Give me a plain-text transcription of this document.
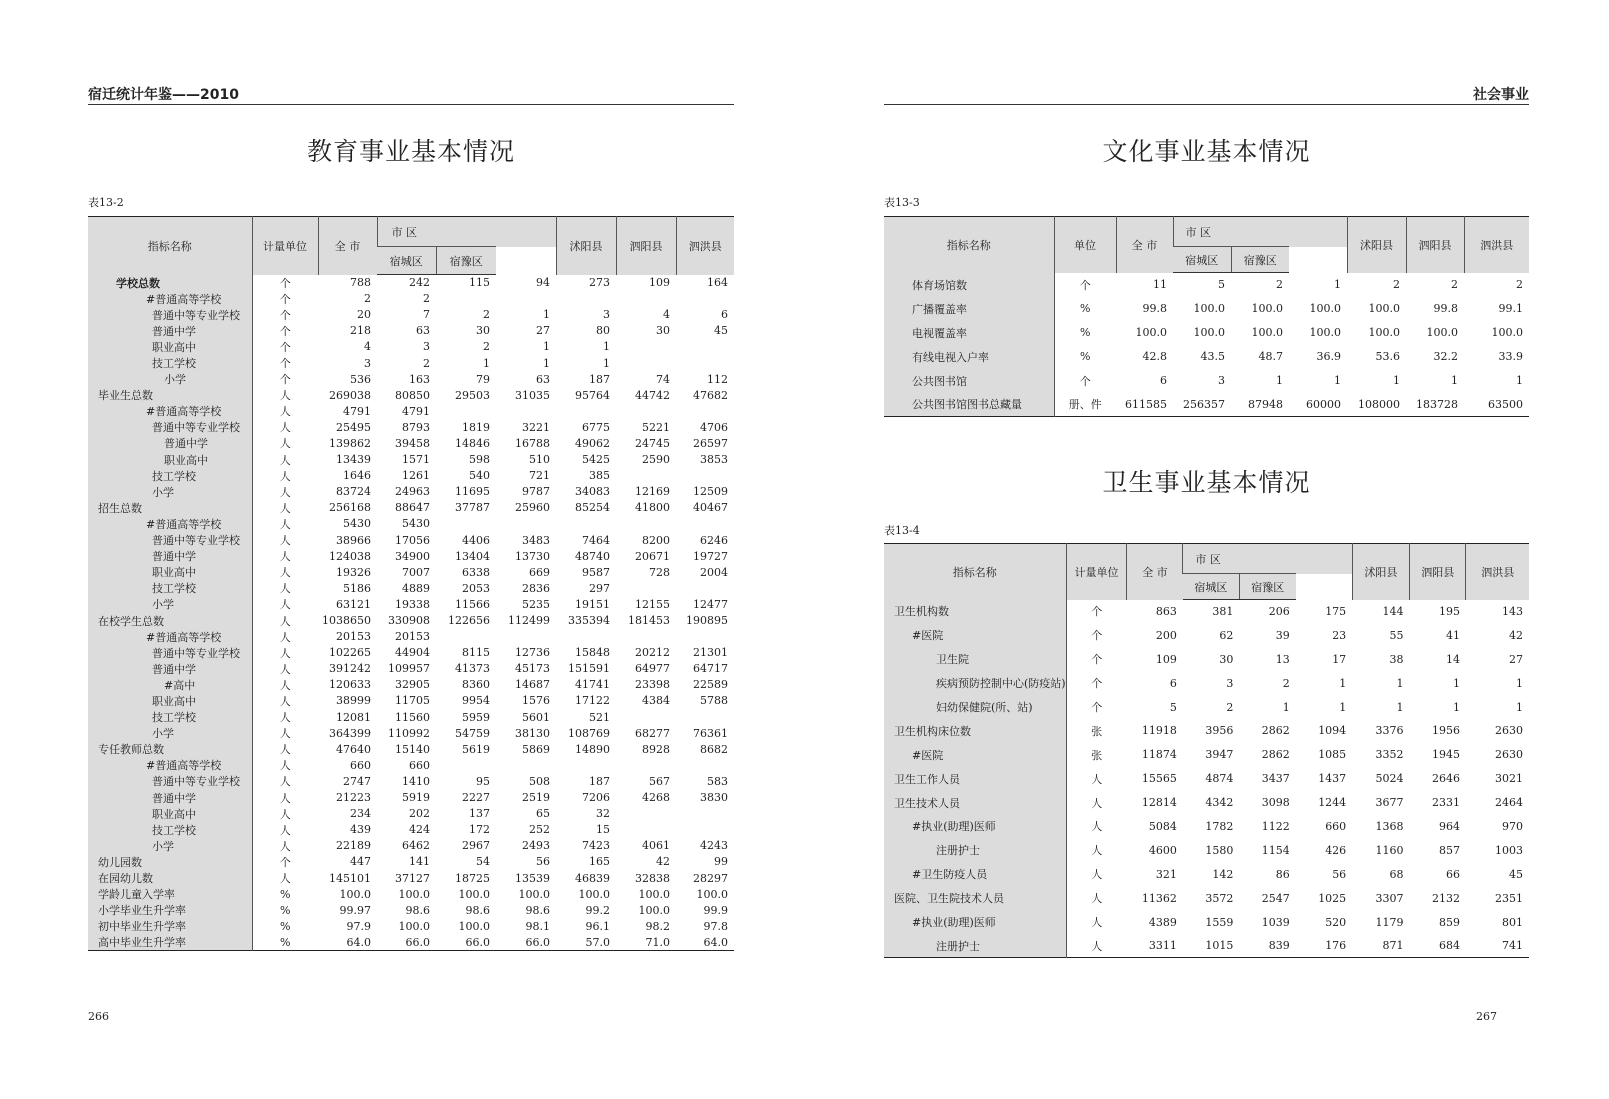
宿迁统计年鉴——2010
教育事业基本情况
表13-2
指标名称	计量单位	全 市	市 区			沭阳县	泗阳县	泗洪县
			宿城区	宿豫区				
学校总数	个	788	242	115	94	273	109	164
#普通高等学校	个	2	2					
普通中等专业学校	个	20	7	2	1	3	4	6
普通中学	个	218	63	30	27	80	30	45
职业高中	个	4	3	2	1	1		
技工学校	个	3	2	1	1	1		
小学	个	536	163	79	63	187	74	112
毕业生总数	人	269038	80850	29503	31035	95764	44742	47682
#普通高等学校	人	4791	4791					
普通中等专业学校	人	25495	8793	1819	3221	6775	5221	4706
普通中学	人	139862	39458	14846	16788	49062	24745	26597
职业高中	人	13439	1571	598	510	5425	2590	3853
技工学校	人	1646	1261	540	721	385		
小学	人	83724	24963	11695	9787	34083	12169	12509
招生总数	人	256168	88647	37787	25960	85254	41800	40467
#普通高等学校	人	5430	5430					
普通中等专业学校	人	38966	17056	4406	3483	7464	8200	6246
普通中学	人	124038	34900	13404	13730	48740	20671	19727
职业高中	人	19326	7007	6338	669	9587	728	2004
技工学校	人	5186	4889	2053	2836	297		
小学	人	63121	19338	11566	5235	19151	12155	12477
在校学生总数	人	1038650	330908	122656	112499	335394	181453	190895
#普通高等学校	人	20153	20153					
普通中等专业学校	人	102265	44904	8115	12736	15848	20212	21301
普通中学	人	391242	109957	41373	45173	151591	64977	64717
#高中	人	120633	32905	8360	14687	41741	23398	22589
职业高中	人	38999	11705	9954	1576	17122	4384	5788
技工学校	人	12081	11560	5959	5601	521		
小学	人	364399	110992	54759	38130	108769	68277	76361
专任教师总数	人	47640	15140	5619	5869	14890	8928	8682
#普通高等学校	人	660	660					
普通中等专业学校	人	2747	1410	95	508	187	567	583
普通中学	人	21223	5919	2227	2519	7206	4268	3830
职业高中	人	234	202	137	65	32		
技工学校	人	439	424	172	252	15		
小学	人	22189	6462	2967	2493	7423	4061	4243
幼儿园数	个	447	141	54	56	165	42	99
在园幼儿数	人	145101	37127	18725	13539	46839	32838	28297
学龄儿童入学率	%	100.0	100.0	100.0	100.0	100.0	100.0	100.0
小学毕业生升学率	%	99.97	98.6	98.6	98.6	99.2	100.0	99.9
初中毕业生升学率	%	97.9	100.0	100.0	98.1	96.1	98.2	97.8
高中毕业生升学率	%	64.0	66.0	66.0	66.0	57.0	71.0	64.0
266
社会事业
文化事业基本情况
表13-3
指标名称	单位	全 市	市 区			沭阳县	泗阳县	泗洪县
			宿城区	宿豫区				
体育场馆数	个	11	5	2	1	2	2	2
广播覆盖率	%	99.8	100.0	100.0	100.0	100.0	99.8	99.1
电视覆盖率	%	100.0	100.0	100.0	100.0	100.0	100.0	100.0
有线电视入户率	%	42.8	43.5	48.7	36.9	53.6	32.2	33.9
公共图书馆	个	6	3	1	1	1	1	1
公共图书馆图书总藏量	册、件	611585	256357	87948	60000	108000	183728	63500
卫生事业基本情况
表13-4
指标名称	计量单位	全 市	市 区			沭阳县	泗阳县	泗洪县
			宿城区	宿豫区				
卫生机构数	个	863	381	206	175	144	195	143
#医院	个	200	62	39	23	55	41	42
卫生院	个	109	30	13	17	38	14	27
疾病预防控制中心(防疫站)	个	6	3	2	1	1	1	1
妇幼保健院(所、站)	个	5	2	1	1	1	1	1
卫生机构床位数	张	11918	3956	2862	1094	3376	1956	2630
#医院	张	11874	3947	2862	1085	3352	1945	2630
卫生工作人员	人	15565	4874	3437	1437	5024	2646	3021
卫生技术人员	人	12814	4342	3098	1244	3677	2331	2464
#执业(助理)医师	人	5084	1782	1122	660	1368	964	970
注册护士	人	4600	1580	1154	426	1160	857	1003
#卫生防疫人员	人	321	142	86	56	68	66	45
医院、卫生院技术人员	人	11362	3572	2547	1025	3307	2132	2351
#执业(助理)医师	人	4389	1559	1039	520	1179	859	801
注册护士	人	3311	1015	839	176	871	684	741
267
